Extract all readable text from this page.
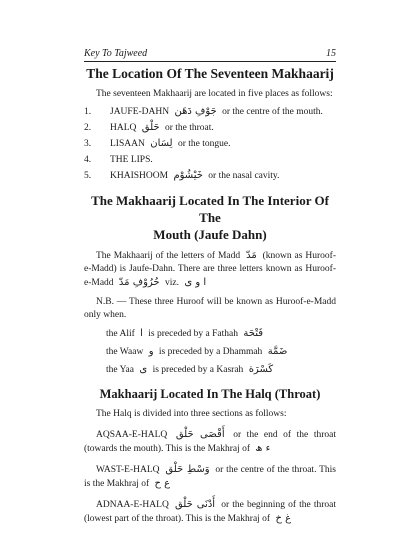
Key To Tajweed	15
The Location Of The Seventeen Makhaarij

The seventeen Makhaarij are located in five places as follows:

1.	JAUFE-DAHN جَوْفِ دَهَن or the centre of the mouth.
2.	HALQ حَلْق or the throat.
3.	LISAAN لِسَان or the tongue.
4.	THE LIPS.
5.	KHAISHOOM خَيْشُوْم or the nasal cavity.
The Makhaarij Located In The Interior Of The
Mouth (Jaufe Dahn)

The Makhaarij of the letters of Madd مَدّ (known as Huroof-e-Madd) is Jaufe-Dahn. There are three letters known as Huroof-e-Madd حُرُوْفِ مَدّ viz. ا و ى

N.B. — These three Huroof will be known as Huroof-e-Madd only when.

the Alif ا is preceded by a Fathah فَتْحَة
the Waaw و is preceded by a Dhammah ضَمَّة
the Yaa ى is preceded by a Kasrah كَسْرَة
Makhaarij Located In The Halq (Throat)

The Halq is divided into three sections as follows:

AQSAA-E-HALQ أَقْصَى حَلْق or the end of the throat (towards the mouth). This is the Makhraj of ء ھ

WAST-E-HALQ وَسْطِ حَلْق or the centre of the throat. This is the Makhraj of ع ح

ADNAA-E-HALQ أَدْنَى حَلْق or the beginning of the throat (lowest part of the throat). This is the Makhraj of غ خ
